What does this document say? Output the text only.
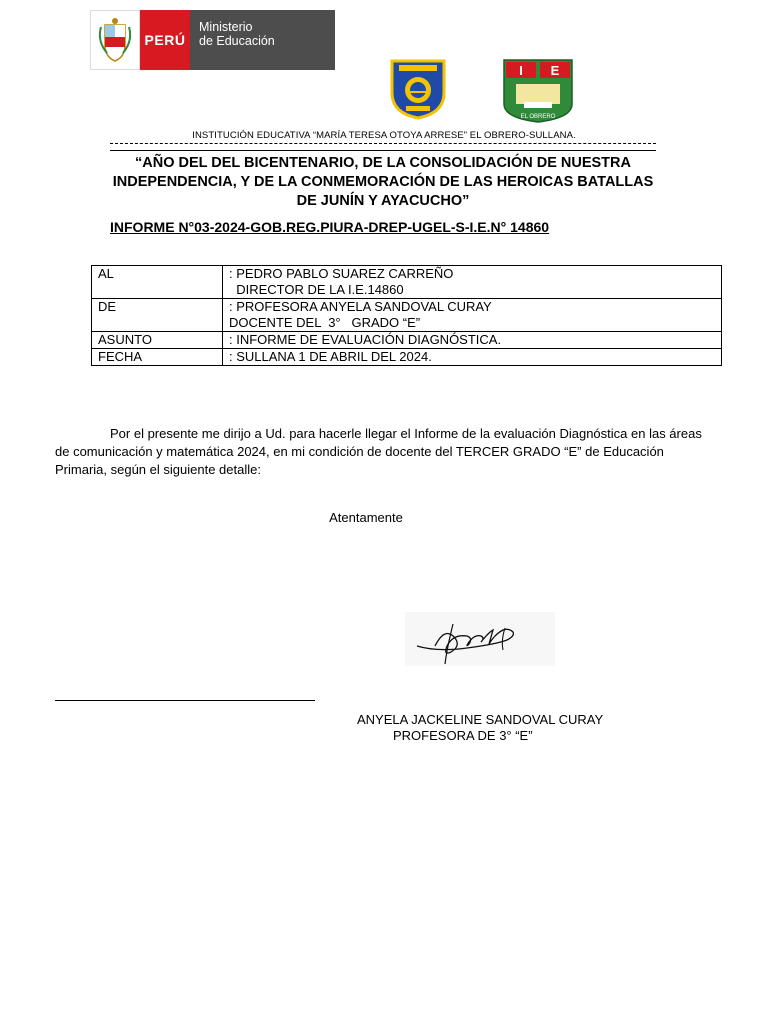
PERÚ
Ministerio
de Educación
I E
EL OBRERO
INSTITUCIÓN EDUCATIVA “MARÍA TERESA OTOYA ARRESE” EL OBRERO-SULLANA.
“AÑO DEL DEL BICENTENARIO, DE LA CONSOLIDACIÓN DE NUESTRA INDEPENDENCIA, Y DE LA CONMEMORACIÓN DE LAS HEROICAS BATALLAS DE JUNÍN Y AYACUCHO”
INFORME N°03-2024-GOB.REG.PIURA-DREP-UGEL-S-I.E.N° 14860
AL	: PEDRO PABLO SUAREZ CARREÑO
DIRECTOR DE LA I.E.14860

DE	: PROFESORA ANYELA SANDOVAL CURAY
DOCENTE DEL  3°   GRADO “E”

ASUNTO	: INFORME DE EVALUACIÓN DIAGNÓSTICA.
FECHA	: SULLANA 1 DE ABRIL DEL 2024.
Por el presente me dirijo a Ud. para hacerle llegar el Informe de la evaluación Diagnóstica en las áreas de comunicación y matemática 2024, en mi condición de docente del TERCER GRADO “E” de Educación Primaria, según el siguiente detalle:
Atentamente
ANYELA JACKELINE SANDOVAL CURAY
PROFESORA DE 3° “E”
